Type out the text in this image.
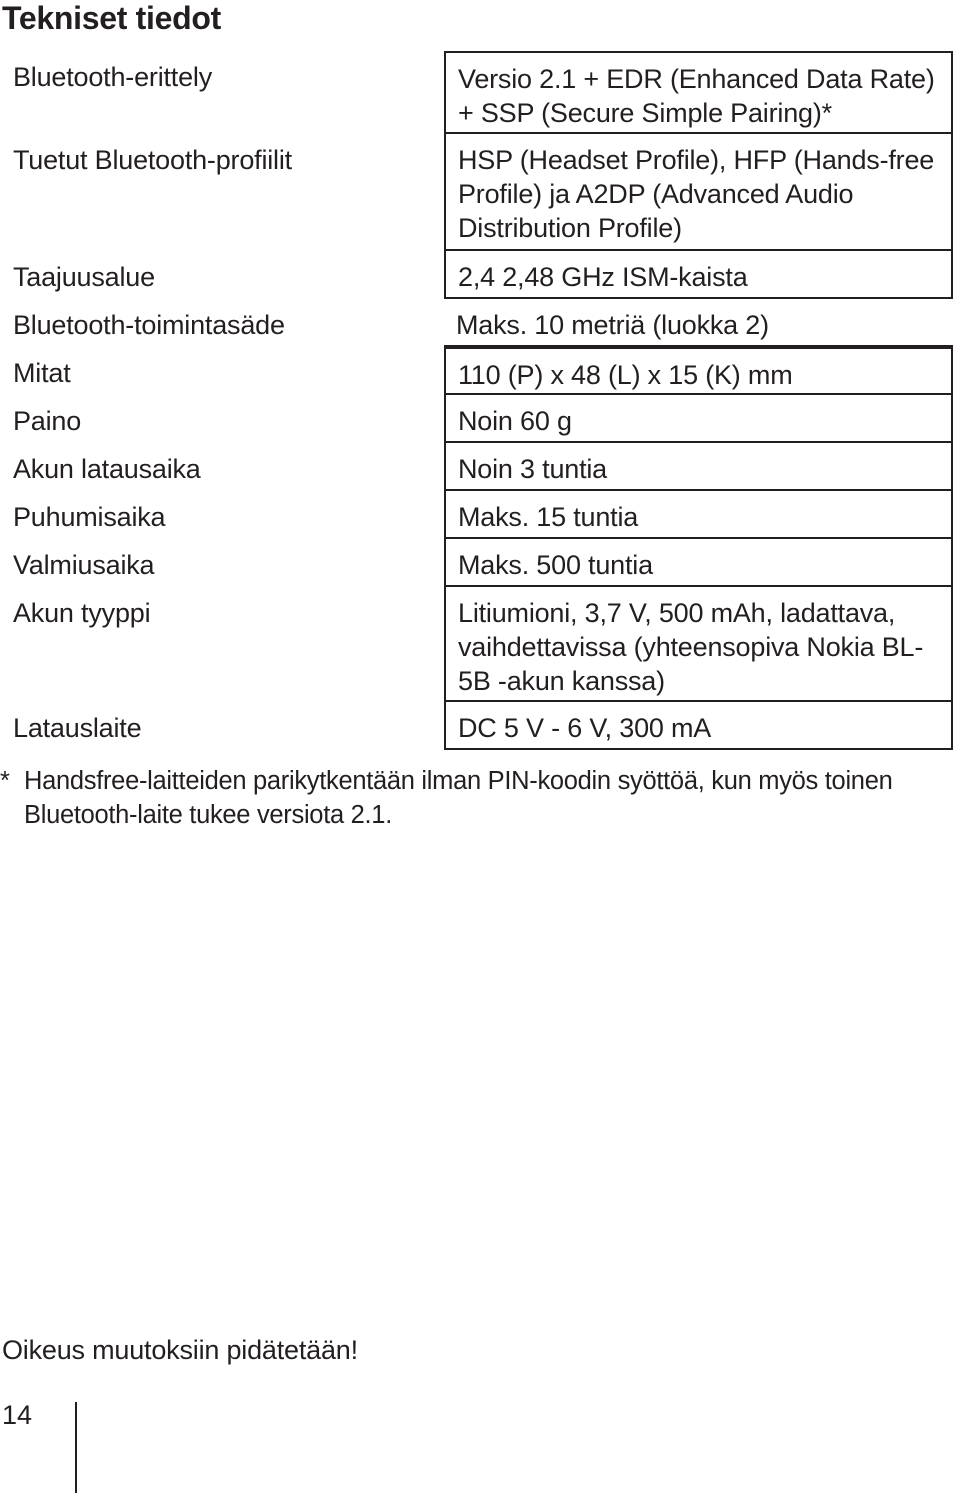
Tekniset tiedot
Bluetooth-erittely	Versio 2.1 + EDR (Enhanced Data Rate) + SSP (Secure Simple Pairing)*
Tuetut Bluetooth-profiilit	HSP (Headset Profile), HFP (Hands-free Profile) ja A2DP (Advanced Audio Distribution Profile)
Taajuusalue	2,4 2,48 GHz ISM-kaista
Bluetooth-toimintasäde	Maks. 10 metriä (luokka 2)
Mitat	110 (P) x 48 (L) x 15 (K) mm
Paino	Noin 60 g
Akun latausaika	Noin 3 tuntia
Puhumisaika	Maks. 15 tuntia
Valmiusaika	Maks. 500 tuntia
Akun tyyppi	Litiumioni, 3,7 V, 500 mAh, ladattava, vaihdettavissa (yhteensopiva Nokia BL-5B -akun kanssa)
Latauslaite	DC 5 V - 6 V, 300 mA
* Handsfree-laitteiden parikytkentään ilman PIN-koodin syöttöä, kun myös toinen Bluetooth-laite tukee versiota 2.1.
Oikeus muutoksiin pidätetään!
14
